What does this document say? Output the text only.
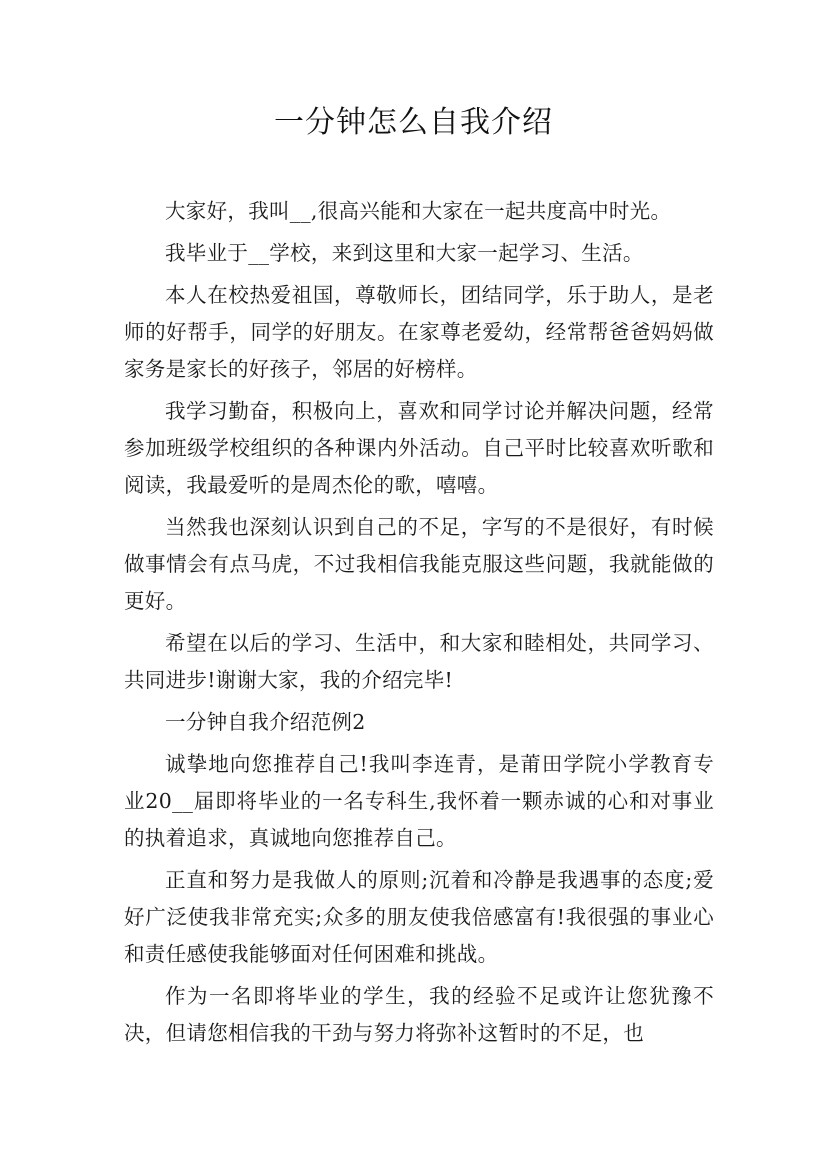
一分钟怎么自我介绍

大家好，我叫__,很高兴能和大家在一起共度高中时光。

我毕业于__学校，来到这里和大家一起学习、生活。

本人在校热爱祖国，尊敬师长，团结同学，乐于助人，是老师的好帮手，同学的好朋友。在家尊老爱幼，经常帮爸爸妈妈做家务是家长的好孩子，邻居的好榜样。

我学习勤奋，积极向上，喜欢和同学讨论并解决问题，经常参加班级学校组织的各种课内外活动。自己平时比较喜欢听歌和阅读，我最爱听的是周杰伦的歌，嘻嘻。

当然我也深刻认识到自己的不足，字写的不是很好，有时候做事情会有点马虎，不过我相信我能克服这些问题，我就能做的更好。

希望在以后的学习、生活中，和大家和睦相处，共同学习、共同进步!谢谢大家，我的介绍完毕!

一分钟自我介绍范例2

诚挚地向您推荐自己!我叫李连青，是莆田学院小学教育专业20__届即将毕业的一名专科生,我怀着一颗赤诚的心和对事业的执着追求，真诚地向您推荐自己。

正直和努力是我做人的原则;沉着和冷静是我遇事的态度;爱好广泛使我非常充实;众多的朋友使我倍感富有!我很强的事业心和责任感使我能够面对任何困难和挑战。

作为一名即将毕业的学生，我的经验不足或许让您犹豫不决，但请您相信我的干劲与努力将弥补这暂时的不足，也
